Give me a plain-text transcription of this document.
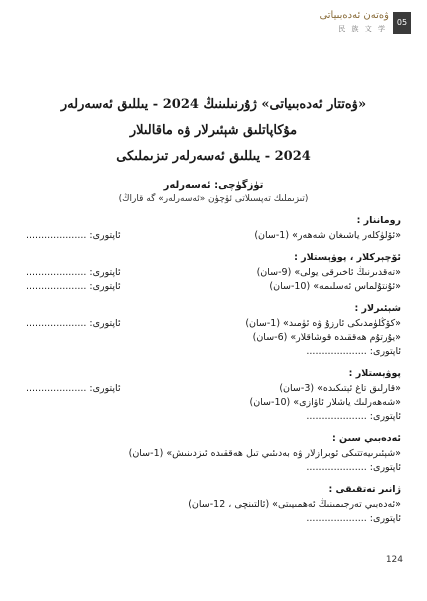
ۋەتەن ئەدەبىياتى
民 族 文 学
05
«ۋەتتار ئەدەبىياتى» ژۇرنىلىنىڭ 2024 - يىللىق ئەسەرلەر
مۇكاپاتلىق شېئىرلار ۋە ماقالىلار
2024 - يىللىق ئەسەرلەر تىزىملىكى
تۈزگۈچى: ئەسەرلەر
(تىزىملىك تەپسىلاتى ئۈچۈن «ئەسەرلەر» گە قاراڭ)
روماننار :
«ئۆلۈكلەر ياشىغان شەھەر» (1-سان)
ئاپتورى: ....................
ئۆچېركلار ، پوۋېستلار :
«تەقدىرنىڭ ئاخىرقى يولى» (9-سان)
ئاپتورى: ....................
«ئۇنتۇلماس ئەسلىمە» (10-سان)
ئاپتورى: ....................
شېئىرلار :
«كۆڭلۈمدىكى ئارزۇ ۋە ئۈمىد» (1-سان)
ئاپتورى: ....................
«يۇرتۇم ھەققىدە قوشاقلار» (6-سان)
ئاپتورى: ....................
پوۋېستلار :
«قارلىق تاغ ئېتىكىدە» (3-سان)
ئاپتورى: ....................
«شەھەرلىك ياشلار ئاۋازى» (10-سان)
ئاپتورى: ....................
ئەدەبىي سىن :
«شېئىرىيەتتىكى ئوبرازلار ۋە بەدىئىي تىل ھەققىدە ئىزدىنىش» (1-سان)
ئاپتورى: ....................
ژانىر تەتقىقى :
«ئەدەبىي تەرجىمىنىڭ ئەھمىيىتى» (ئالتىنچى ، 12-سان)
ئاپتورى: ....................
124
